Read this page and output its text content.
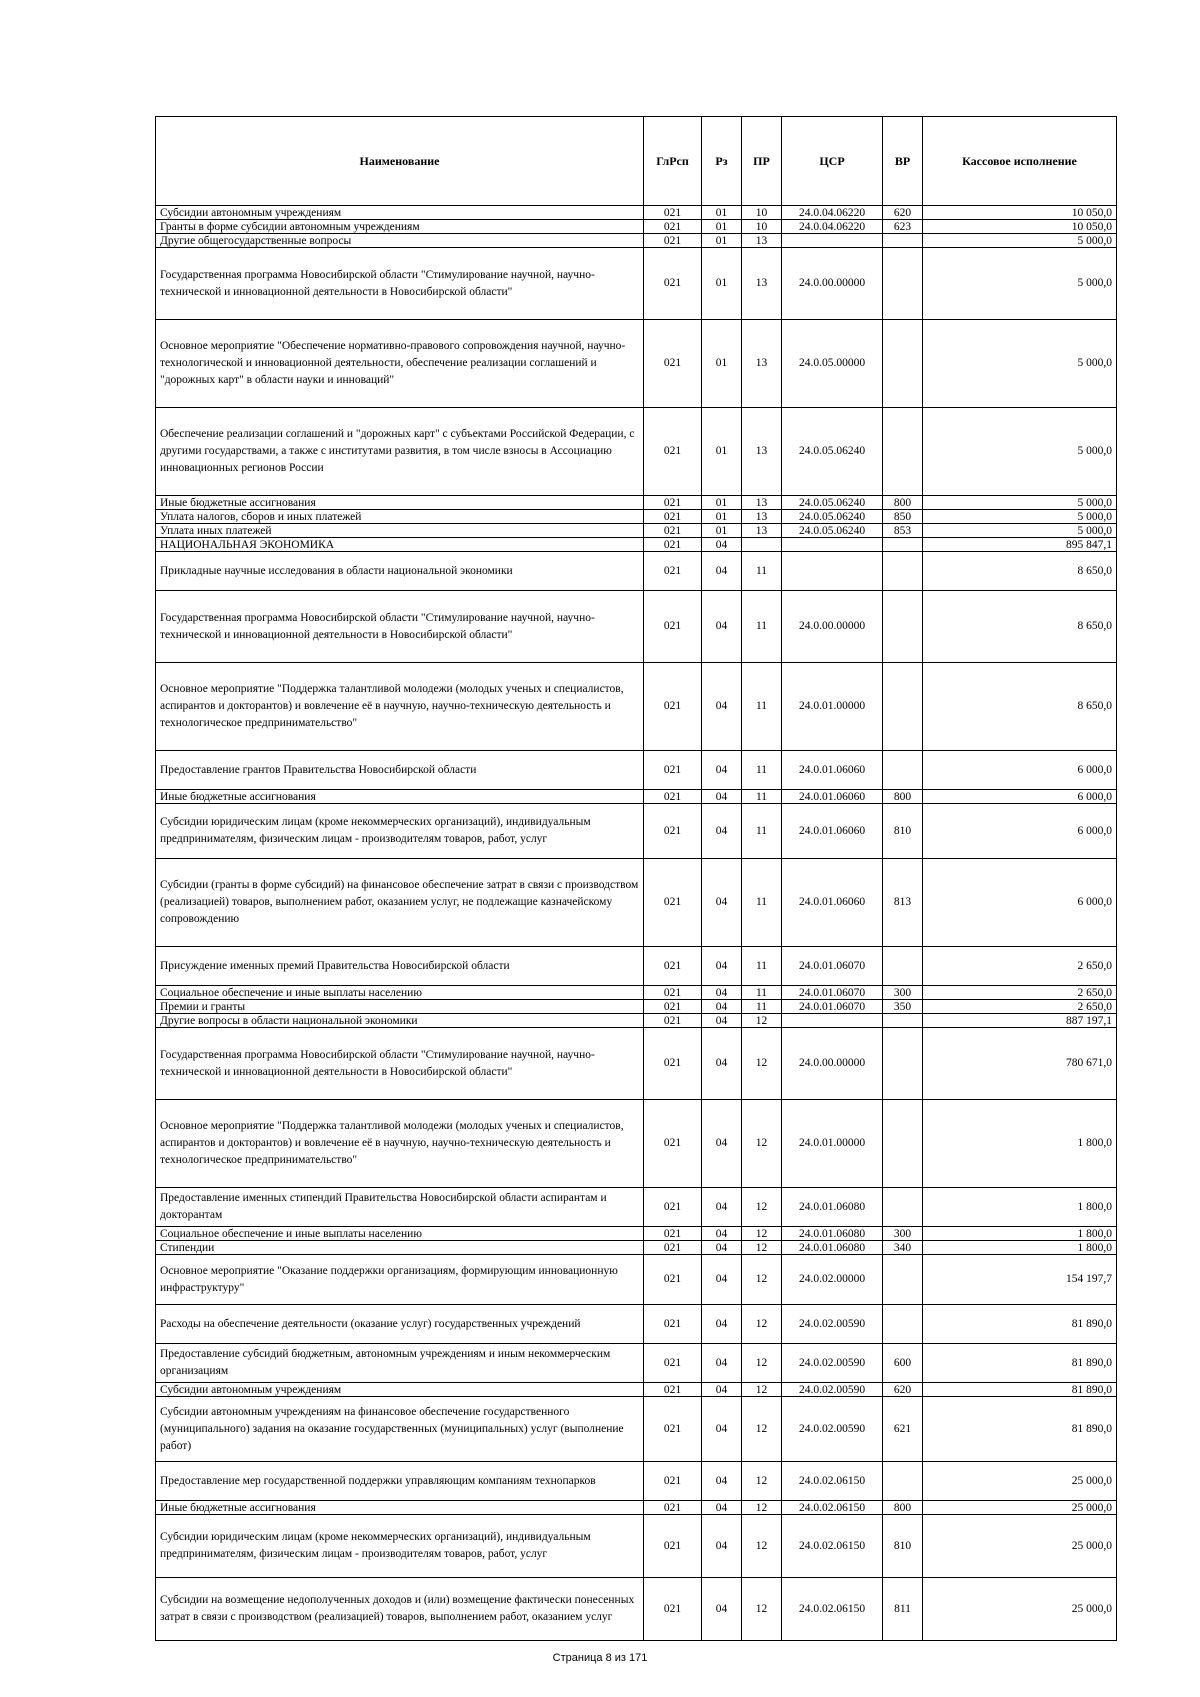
Наименование	ГлРсп	Рз	ПР	ЦСР	ВР	Кассовое исполнение
Субсидии автономным учреждениям	021	01	10	24.0.04.06220	620	10 050,0
Гранты в форме субсидии автономным учреждениям	021	01	10	24.0.04.06220	623	10 050,0
Другие общегосударственные вопросы	021	01	13			5 000,0
Государственная программа Новосибирской области "Стимулирование научной, научно-технической и инновационной деятельности в Новосибирской области"	021	01	13	24.0.00.00000		5 000,0
Основное мероприятие "Обеспечение нормативно-правового сопровождения научной, научно-технологической и инновационной деятельности, обеспечение реализации соглашений и "дорожных карт" в области науки и инноваций"	021	01	13	24.0.05.00000		5 000,0
Обеспечение реализации соглашений и "дорожных карт" с субъектами Российской Федерации, с другими государствами, а также с институтами развития, в том числе взносы в Ассоциацию инновационных регионов России	021	01	13	24.0.05.06240		5 000,0
Иные бюджетные ассигнования	021	01	13	24.0.05.06240	800	5 000,0
Уплата налогов, сборов и иных платежей	021	01	13	24.0.05.06240	850	5 000,0
Уплата иных платежей	021	01	13	24.0.05.06240	853	5 000,0
НАЦИОНАЛЬНАЯ ЭКОНОМИКА	021	04				895 847,1
Прикладные научные исследования в области национальной экономики	021	04	11			8 650,0
Государственная программа Новосибирской области "Стимулирование научной, научно-технической и инновационной деятельности в Новосибирской области"	021	04	11	24.0.00.00000		8 650,0
Основное мероприятие "Поддержка талантливой молодежи (молодых ученых и специалистов, аспирантов и докторантов) и вовлечение её в научную, научно-техническую деятельность и технологическое предпринимательство"	021	04	11	24.0.01.00000		8 650,0
Предоставление грантов Правительства Новосибирской области	021	04	11	24.0.01.06060		6 000,0
Иные бюджетные ассигнования	021	04	11	24.0.01.06060	800	6 000,0
Субсидии юридическим лицам (кроме некоммерческих организаций), индивидуальным предпринимателям, физическим лицам - производителям товаров, работ, услуг	021	04	11	24.0.01.06060	810	6 000,0
Субсидии (гранты в форме субсидий) на финансовое обеспечение затрат в связи с производством (реализацией) товаров, выполнением работ, оказанием услуг, не подлежащие казначейскому сопровождению	021	04	11	24.0.01.06060	813	6 000,0
Присуждение именных премий Правительства Новосибирской области	021	04	11	24.0.01.06070		2 650,0
Социальное обеспечение и иные выплаты населению	021	04	11	24.0.01.06070	300	2 650,0
Премии и гранты	021	04	11	24.0.01.06070	350	2 650,0
Другие вопросы в области национальной экономики	021	04	12			887 197,1
Государственная программа Новосибирской области "Стимулирование научной, научно-технической и инновационной деятельности в Новосибирской области"	021	04	12	24.0.00.00000		780 671,0
Основное мероприятие "Поддержка талантливой молодежи (молодых ученых и специалистов, аспирантов и докторантов) и вовлечение её в научную, научно-техническую деятельность и технологическое предпринимательство"	021	04	12	24.0.01.00000		1 800,0
Предоставление именных стипендий Правительства Новосибирской области аспирантам и докторантам	021	04	12	24.0.01.06080		1 800,0
Социальное обеспечение и иные выплаты населению	021	04	12	24.0.01.06080	300	1 800,0
Стипендии	021	04	12	24.0.01.06080	340	1 800,0
Основное мероприятие "Оказание поддержки организациям, формирующим инновационную инфраструктуру"	021	04	12	24.0.02.00000		154 197,7
Расходы на обеспечение деятельности (оказание услуг) государственных учреждений	021	04	12	24.0.02.00590		81 890,0
Предоставление субсидий бюджетным, автономным учреждениям и иным некоммерческим организациям	021	04	12	24.0.02.00590	600	81 890,0
Субсидии автономным учреждениям	021	04	12	24.0.02.00590	620	81 890,0
Субсидии автономным учреждениям на финансовое обеспечение государственного (муниципального) задания на оказание государственных (муниципальных) услуг (выполнение работ)	021	04	12	24.0.02.00590	621	81 890,0
Предоставление мер государственной поддержки управляющим компаниям технопарков	021	04	12	24.0.02.06150		25 000,0
Иные бюджетные ассигнования	021	04	12	24.0.02.06150	800	25 000,0
Субсидии юридическим лицам (кроме некоммерческих организаций), индивидуальным предпринимателям, физическим лицам - производителям товаров, работ, услуг	021	04	12	24.0.02.06150	810	25 000,0
Субсидии на возмещение недополученных доходов и (или) возмещение фактически понесенных затрат в связи с производством (реализацией) товаров, выполнением работ, оказанием услуг	021	04	12	24.0.02.06150	811	25 000,0
Страница 8 из 171
